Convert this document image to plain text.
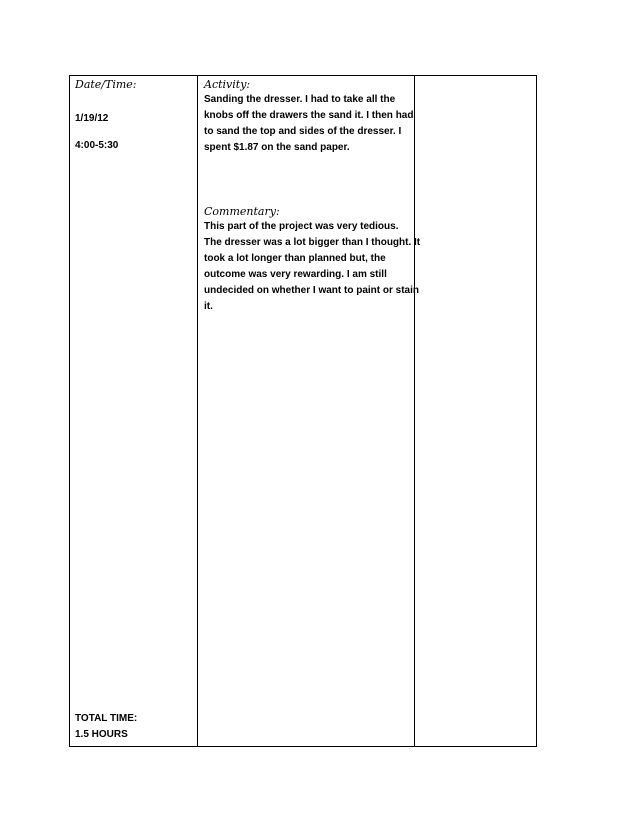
Date/Time:
1/19/12
4:00-5:30
TOTAL TIME:
1.5 HOURS

Activity:
Sanding the dresser. I had to take all the
knobs off the drawers the sand it. I then had
to sand the top and sides of the dresser. I
spent $1.87 on the sand paper.
Commentary:
This part of the project was very tedious.
The dresser was a lot bigger than I thought. It
took a lot longer than planned but, the
outcome was very rewarding. I am still
undecided on whether I want to paint or stain
it.
